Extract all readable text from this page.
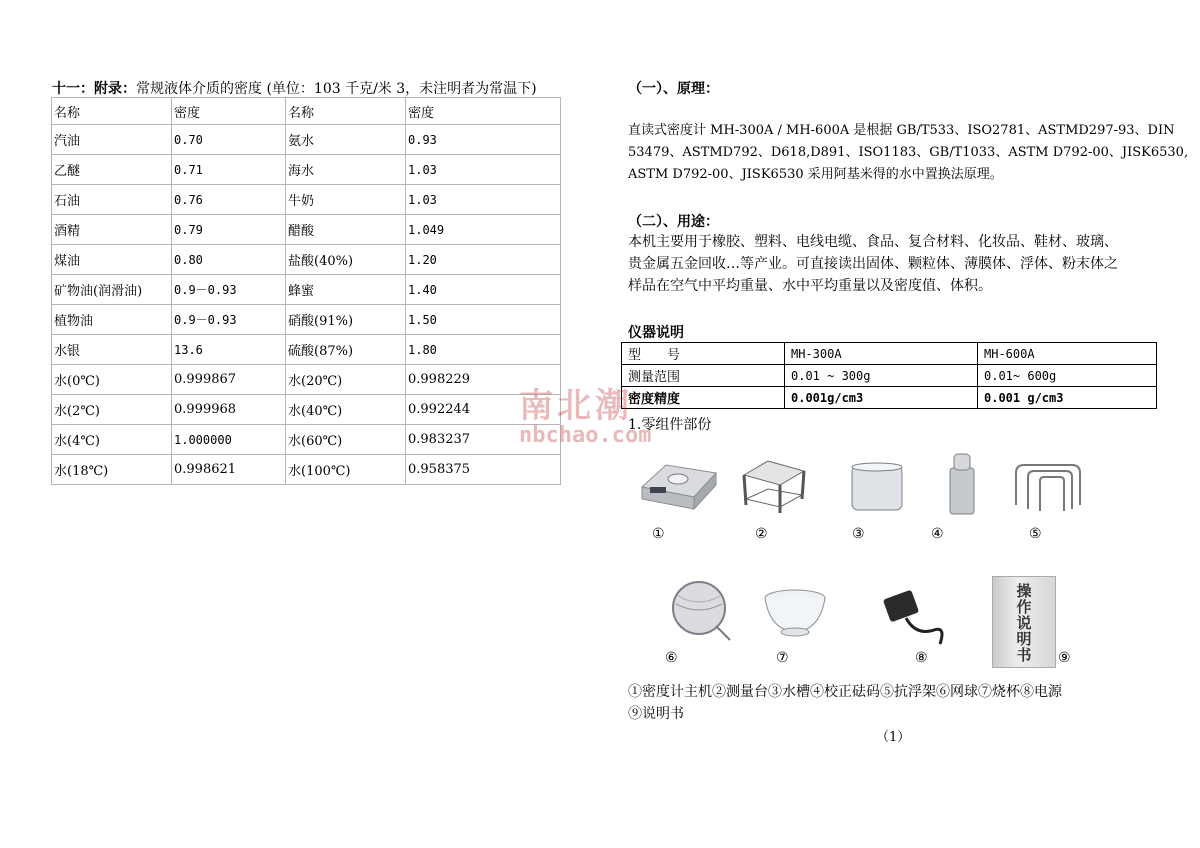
十一：附录：常规液体介质的密度 (单位：103 千克/米 3，未注明者为常温下)
名称	密度	名称	密度
汽油	0.70	氨水	0.93
乙醚	0.71	海水	1.03
石油	0.76	牛奶	1.03
酒精	0.79	醋酸	1.049
煤油	0.80	盐酸(40%)	1.20
矿物油(润滑油)	0.9－0.93	蜂蜜	1.40
植物油	0.9－0.93	硝酸(91%)	1.50
水银	13.6	硫酸(87%)	1.80
水(0℃)	0.999867	水(20℃)	0.998229
水(2℃)	0.999968	水(40℃)	0.992244
水(4℃)	1.000000	水(60℃)	0.983237
水(18℃)	0.998621	水(100℃)	0.958375
（一）、原理：
直读式密度计 MH-300A / MH-600A 是根据 GB/T533、ISO2781、ASTMD297-93、DIN
53479、ASTMD792、D618,D891、ISO1183、GB/T1033、ASTM D792-00、JISK6530,
ASTM D792-00、JISK6530 采用阿基米得的水中置换法原理。
（二）、用途：
本机主要用于橡胶、塑料、电线电缆、食品、复合材料、化妆品、鞋材、玻璃、
贵金属五金回收…等产业。可直接读出固体、颗粒体、薄膜体、浮体、粉末体之
样品在空气中平均重量、水中平均重量以及密度值、体积。
仪器说明
型　　号	MH-300A	MH-600A
测量范围	0.01 ~ 300g	0.01~ 600g
密度精度	0.001g/cm3	0.001 g/cm3
南北潮
nbchao.com
1.零组件部份
①	②	③	④	⑤
操作说明书
⑥	⑦	⑧	⑨
①密度计主机②测量台③水槽④校正砝码⑤抗浮架⑥网球⑦烧杯⑧电源
⑨说明书
（1）
